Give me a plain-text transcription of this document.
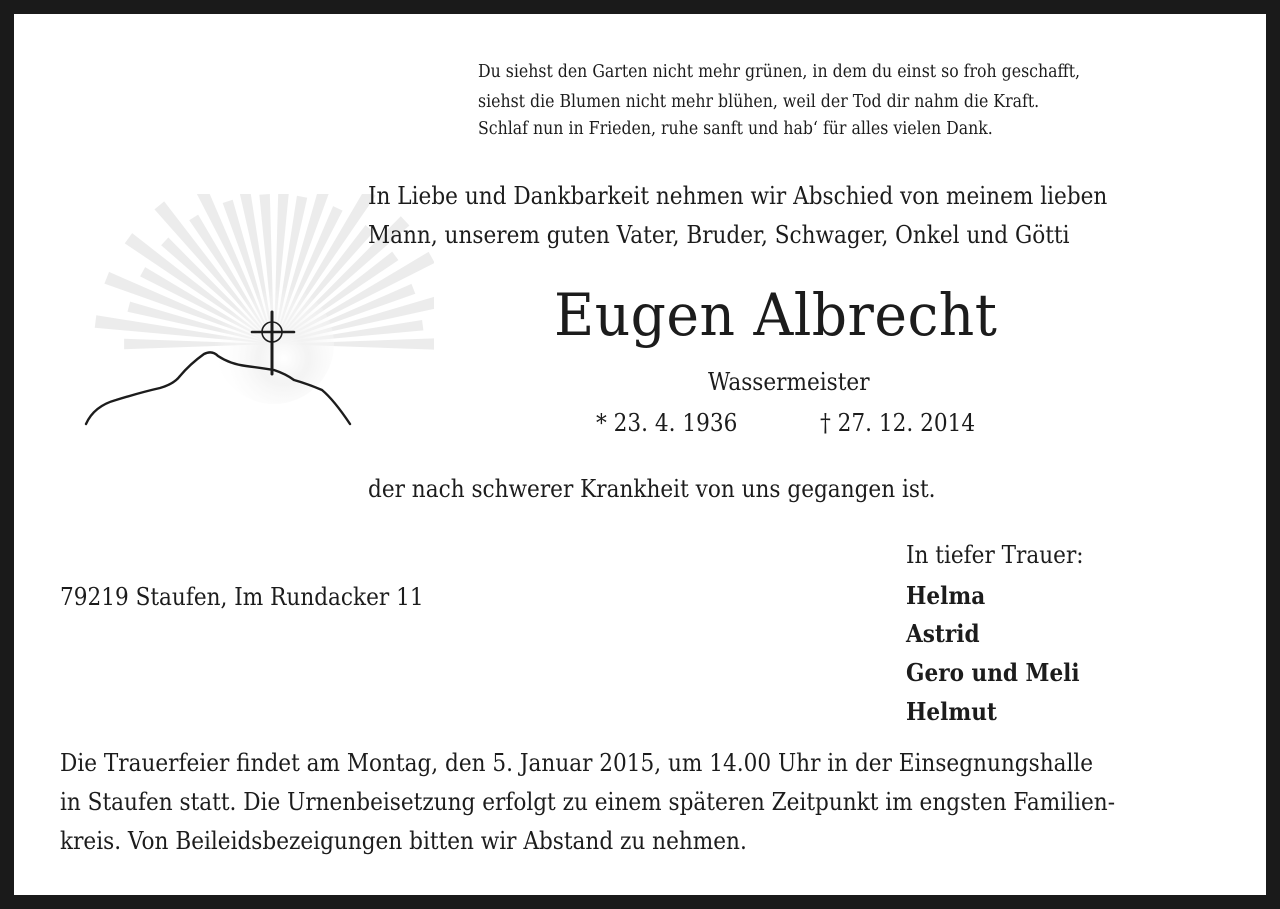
Du siehst den Garten nicht mehr grünen, in dem du einst so froh geschafft,
siehst die Blumen nicht mehr blühen, weil der Tod dir nahm die Kraft.
Schlaf nun in Frieden, ruhe sanft und hab‘ für alles vielen Dank.
In Liebe und Dankbarkeit nehmen wir Abschied von meinem lieben
Mann, unserem guten Vater, Bruder, Schwager, Onkel und Götti
Eugen Albrecht
Wassermeister
* 23. 4. 1936	† 27. 12. 2014
der nach schwerer Krankheit von uns gegangen ist.
In tiefer Trauer:
Helma
Astrid
Gero und Meli
Helmut
79219 Staufen, Im Rundacker 11
Die Trauerfeier findet am Montag, den 5. Januar 2015, um 14.00 Uhr in der Einsegnungshalle
in Staufen statt. Die Urnenbeisetzung erfolgt zu einem späteren Zeitpunkt im engsten Familien-
kreis. Von Beileidsbezeigungen bitten wir Abstand zu nehmen.
